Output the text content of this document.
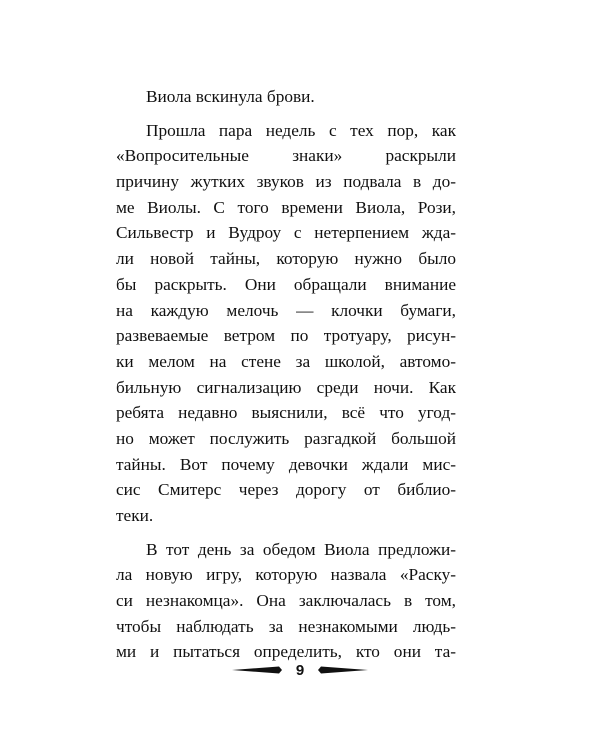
Виола вскинула брови.
Прошла пара недель с тех пор, как
«Вопросительные знаки» раскрыли
причину жутких звуков из подвала в до-
ме Виолы. С того времени Виола, Рози,
Сильвестр и Вудроу с нетерпением жда-
ли новой тайны, которую нужно было
бы раскрыть. Они обращали внимание
на каждую мелочь — клочки бумаги,
развеваемые ветром по тротуару, рисун-
ки мелом на стене за школой, автомо-
бильную сигнализацию среди ночи. Как
ребята недавно выяснили, всё что угод-
но может послужить разгадкой большой
тайны. Вот почему девочки ждали мис-
сис Смитерс через дорогу от библио-
теки.
В тот день за обедом Виола предложи-
ла новую игру, которую назвала «Раску-
си незнакомца». Она заключалась в том,
чтобы наблюдать за незнакомыми людь-
ми и пытаться определить, кто они та-
9
